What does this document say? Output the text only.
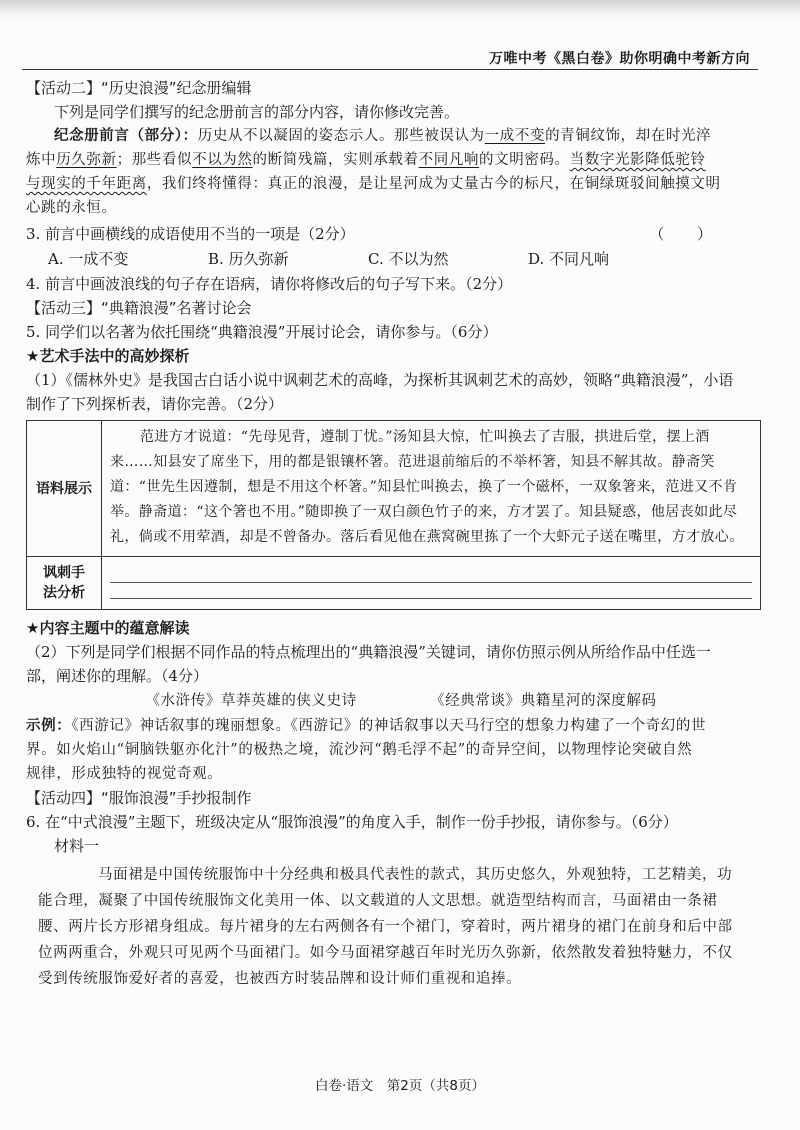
万唯中考《黑白卷》助你明确中考新方向
【活动二】“历史浪漫”纪念册编辑
下列是同学们撰写的纪念册前言的部分内容，请你修改完善。
纪念册前言（部分）：历史从不以凝固的姿态示人。那些被误认为一成不变的青铜纹饰，却在时光淬
炼中历久弥新；那些看似不以为然的断简残篇，实则承载着不同凡响的文明密码。当数字光影降低驼铃
与现实的千年距离，我们终将懂得：真正的浪漫，是让星河成为丈量古今的标尺，在铜绿斑驳间触摸文明
心跳的永恒。
3. 前言中画横线的成语使用不当的一项是（2分）	（ ）
A. 一成不变	B. 历久弥新	C. 不以为然	D. 不同凡响
4. 前言中画波浪线的句子存在语病，请你将修改后的句子写下来。（2分）
【活动三】“典籍浪漫”名著讨论会
5. 同学们以名著为依托围绕“典籍浪漫”开展讨论会，请你参与。（6分）
★艺术手法中的高妙探析
（1）《儒林外史》是我国古白话小说中讽刺艺术的高峰，为探析其讽刺艺术的高妙，领略“典籍浪漫”，小语
制作了下列探析表，请你完善。（2分）
语料展示	范进方才说道：“先母见背，遵制丁忧。”汤知县大惊，忙叫换去了吉服，拱进后堂，摆上酒来……知县安了席坐下，用的都是银镶杯箸。范进退前缩后的不举杯箸，知县不解其故。静斋笑道：“世先生因遵制，想是不用这个杯箸。”知县忙叫换去，换了一个磁杯，一双象箸来，范进又不肯举。静斋道：“这个箸也不用。”随即换了一双白颜色竹子的来，方才罢了。知县疑惑，他居丧如此尽礼，倘或不用荤酒，却是不曾备办。落后看见他在燕窝碗里拣了一个大虾元子送在嘴里，方才放心。

讽刺手
法分析	

★内容主题中的蕴意解读
（2）下列是同学们根据不同作品的特点梳理出的“典籍浪漫”关键词，请你仿照示例从所给作品中任选一
部，阐述你的理解。（4分）
《水浒传》草莽英雄的侠义史诗	《经典常谈》典籍星河的深度解码
示例：《西游记》神话叙事的瑰丽想象。《西游记》的神话叙事以天马行空的想象力构建了一个奇幻的世
界。如火焰山“铜脑铁躯亦化汁”的极热之境，流沙河“鹅毛浮不起”的奇异空间，以物理悖论突破自然
规律，形成独特的视觉奇观。
【活动四】“服饰浪漫”手抄报制作
6. 在“中式浪漫”主题下，班级决定从“服饰浪漫”的角度入手，制作一份手抄报，请你参与。（6分）
材料一
马面裙是中国传统服饰中十分经典和极具代表性的款式，其历史悠久，外观独特，工艺精美，功能合理，凝聚了中国传统服饰文化美用一体、以文载道的人文思想。就造型结构而言，马面裙由一条裙腰、两片长方形裙身组成。每片裙身的左右两侧各有一个裙门，穿着时，两片裙身的裙门在前身和后中部位两两重合，外观只可见两个马面裙门。如今马面裙穿越百年时光历久弥新，依然散发着独特魅力，不仅受到传统服饰爱好者的喜爱，也被西方时装品牌和设计师们重视和追捧。
白卷·语文　第2页（共8页）
